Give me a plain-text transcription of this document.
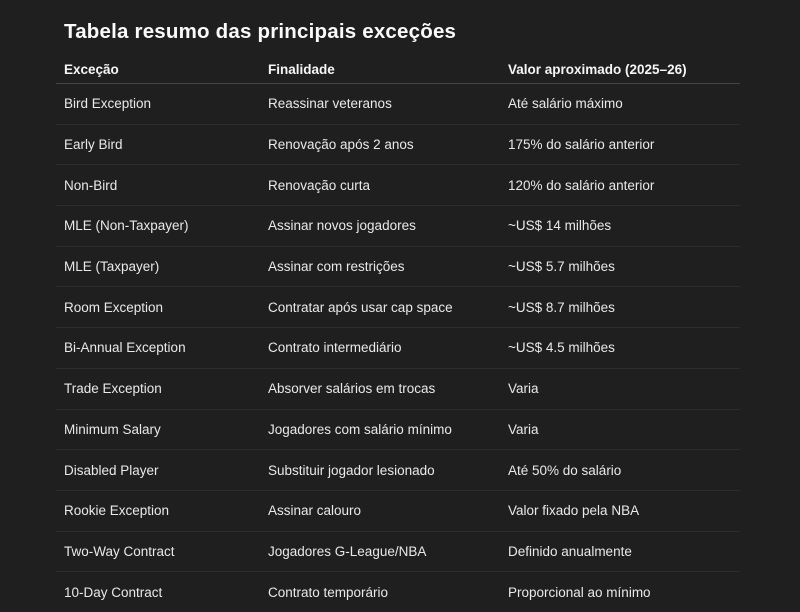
Tabela resumo das principais exceções
Exceção	Finalidade	Valor aproximado (2025–26)
Bird Exception	Reassinar veteranos	Até salário máximo
Early Bird	Renovação após 2 anos	175% do salário anterior
Non-Bird	Renovação curta	120% do salário anterior
MLE (Non-Taxpayer)	Assinar novos jogadores	~US$ 14 milhões
MLE (Taxpayer)	Assinar com restrições	~US$ 5.7 milhões
Room Exception	Contratar após usar cap space	~US$ 8.7 milhões
Bi-Annual Exception	Contrato intermediário	~US$ 4.5 milhões
Trade Exception	Absorver salários em trocas	Varia
Minimum Salary	Jogadores com salário mínimo	Varia
Disabled Player	Substituir jogador lesionado	Até 50% do salário
Rookie Exception	Assinar calouro	Valor fixado pela NBA
Two-Way Contract	Jogadores G-League/NBA	Definido anualmente
10-Day Contract	Contrato temporário	Proporcional ao mínimo
